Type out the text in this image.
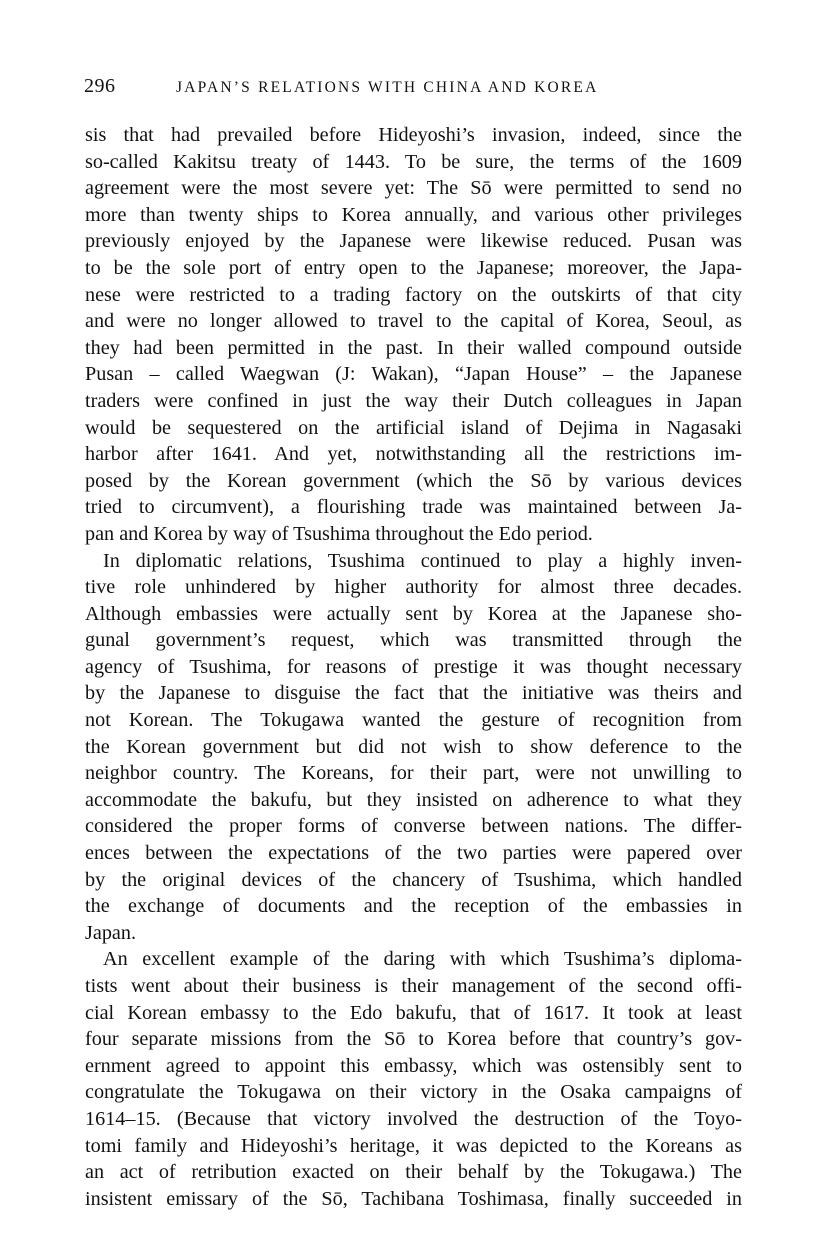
296	JAPAN’S RELATIONS WITH CHINA AND KOREA
sis that had prevailed before Hideyoshi’s invasion, indeed, since the
so-called Kakitsu treaty of 1443. To be sure, the terms of the 1609
agreement were the most severe yet: The Sō were permitted to send no
more than twenty ships to Korea annually, and various other privileges
previously enjoyed by the Japanese were likewise reduced. Pusan was
to be the sole port of entry open to the Japanese; moreover, the Japa-
nese were restricted to a trading factory on the outskirts of that city
and were no longer allowed to travel to the capital of Korea, Seoul, as
they had been permitted in the past. In their walled compound outside
Pusan – called Waegwan (J: Wakan), “Japan House” – the Japanese
traders were confined in just the way their Dutch colleagues in Japan
would be sequestered on the artificial island of Dejima in Nagasaki
harbor after 1641. And yet, notwithstanding all the restrictions im-
posed by the Korean government (which the Sō by various devices
tried to circumvent), a flourishing trade was maintained between Ja-
pan and Korea by way of Tsushima throughout the Edo period.
In diplomatic relations, Tsushima continued to play a highly inven-
tive role unhindered by higher authority for almost three decades.
Although embassies were actually sent by Korea at the Japanese sho-
gunal government’s request, which was transmitted through the
agency of Tsushima, for reasons of prestige it was thought necessary
by the Japanese to disguise the fact that the initiative was theirs and
not Korean. The Tokugawa wanted the gesture of recognition from
the Korean government but did not wish to show deference to the
neighbor country. The Koreans, for their part, were not unwilling to
accommodate the bakufu, but they insisted on adherence to what they
considered the proper forms of converse between nations. The differ-
ences between the expectations of the two parties were papered over
by the original devices of the chancery of Tsushima, which handled
the exchange of documents and the reception of the embassies in
Japan.
An excellent example of the daring with which Tsushima’s diploma-
tists went about their business is their management of the second offi-
cial Korean embassy to the Edo bakufu, that of 1617. It took at least
four separate missions from the Sō to Korea before that country’s gov-
ernment agreed to appoint this embassy, which was ostensibly sent to
congratulate the Tokugawa on their victory in the Osaka campaigns of
1614–15. (Because that victory involved the destruction of the Toyo-
tomi family and Hideyoshi’s heritage, it was depicted to the Koreans as
an act of retribution exacted on their behalf by the Tokugawa.) The
insistent emissary of the Sō, Tachibana Toshimasa, finally succeeded in
